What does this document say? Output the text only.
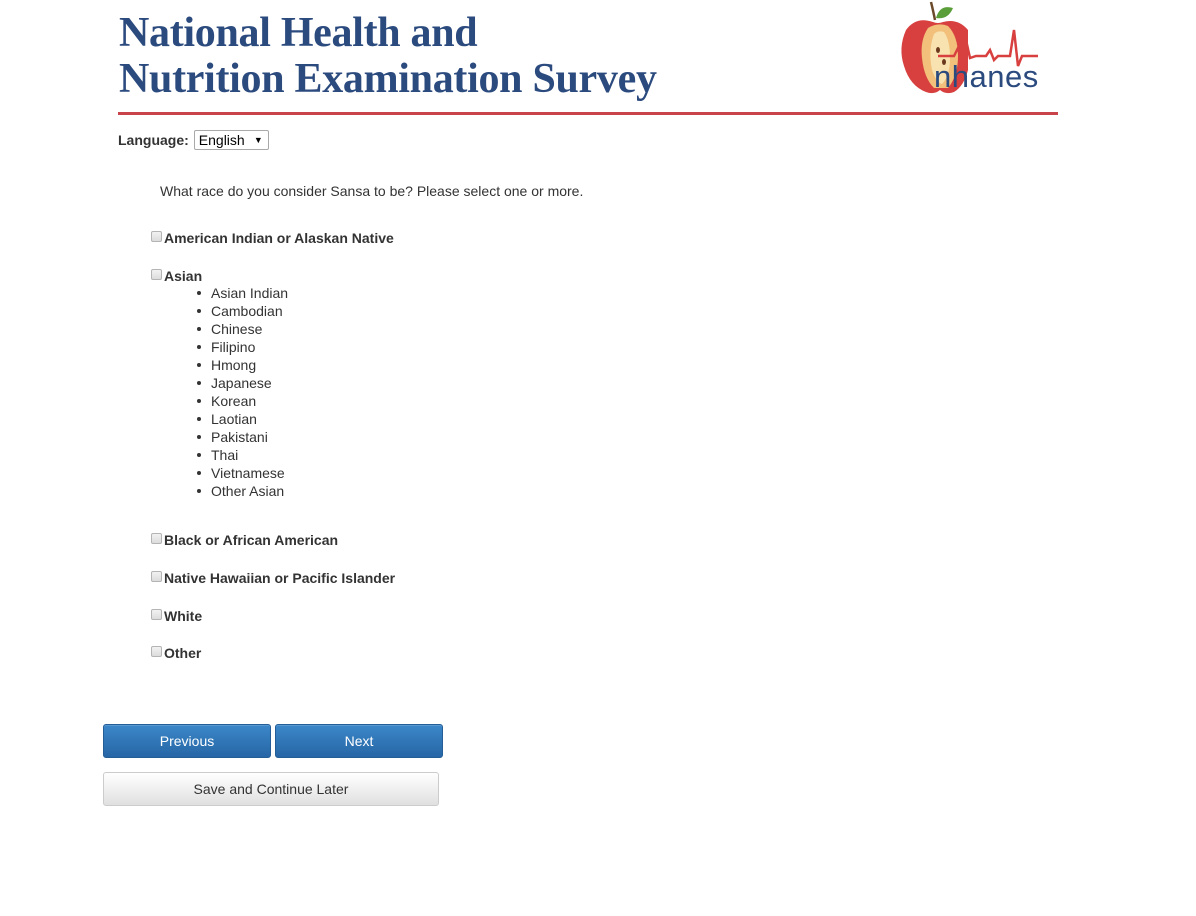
National Health and
Nutrition Examination Survey	nhanes
Language: English ▼
What race do you consider Sansa to be? Please select one or more.
American Indian or Alaskan Native
Asian
Asian Indian
Cambodian
Chinese
Filipino
Hmong
Japanese
Korean
Laotian
Pakistani
Thai
Vietnamese
Other Asian
Black or African American
Native Hawaiian or Pacific Islander
White
Other
Previous	Next
Save and Continue Later
